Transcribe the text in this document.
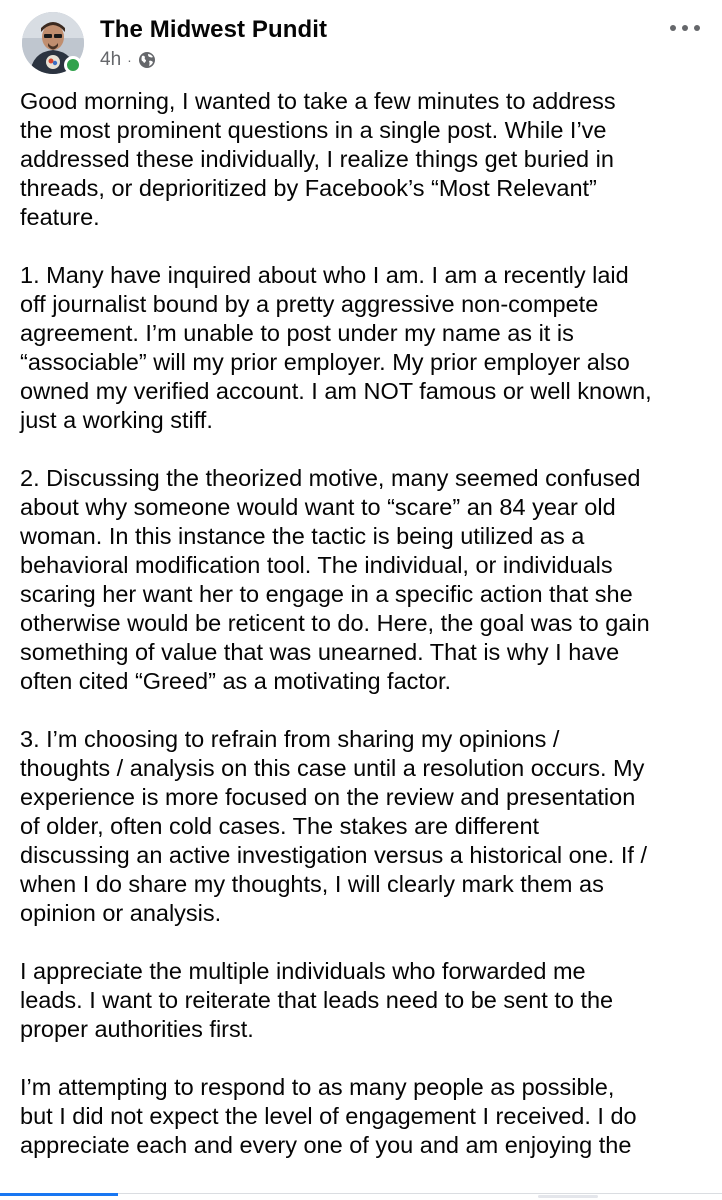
The Midwest Pundit
4h ·

Good morning, I wanted to take a few minutes to address
the most prominent questions in a single post. While I’ve
addressed these individually, I realize things get buried in
threads, or deprioritized by Facebook’s “Most Relevant”
feature.

1. Many have inquired about who I am. I am a recently laid
off journalist bound by a pretty aggressive non-compete
agreement. I’m unable to post under my name as it is
“associable” will my prior employer. My prior employer also
owned my verified account. I am NOT famous or well known,
just a working stiff.

2. Discussing the theorized motive, many seemed confused
about why someone would want to “scare” an 84 year old
woman. In this instance the tactic is being utilized as a
behavioral modification tool. The individual, or individuals
scaring her want her to engage in a specific action that she
otherwise would be reticent to do. Here, the goal was to gain
something of value that was unearned. That is why I have
often cited “Greed” as a motivating factor.

3. I’m choosing to refrain from sharing my opinions /
thoughts / analysis on this case until a resolution occurs. My
experience is more focused on the review and presentation
of older, often cold cases. The stakes are different
discussing an active investigation versus a historical one. If /
when I do share my thoughts, I will clearly mark them as
opinion or analysis.

I appreciate the multiple individuals who forwarded me
leads. I want to reiterate that leads need to be sent to the
proper authorities first.

I’m attempting to respond to as many people as possible,
but I did not expect the level of engagement I received. I do
appreciate each and every one of you and am enjoying the
